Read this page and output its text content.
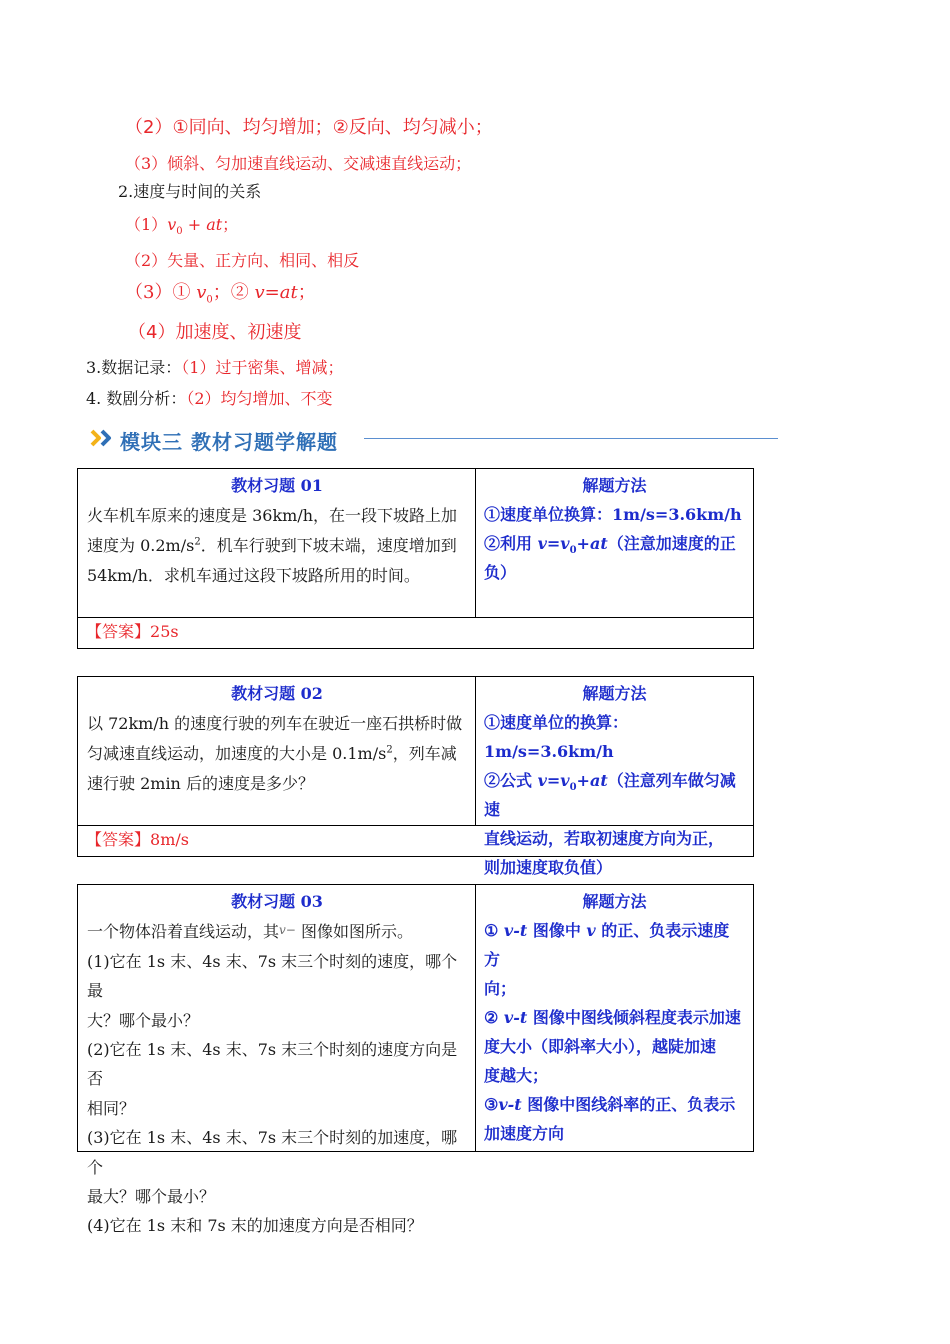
（2）①同向、均匀增加；②反向、均匀减小；
（3）倾斜、匀加速直线运动、交减速直线运动；
2.速度与时间的关系
$(1)v_0$ + at；
（2）矢量、正方向、相同、相反
（3）① $v_0$；② v=at；
（4）加速度、初速度
3.数据记录：（1）过于密集、增减；
4. 数剧分析：（2）均匀增加、不变
模块三 教材习题学解题
教材习题 01
火车机车原来的速度是 36km/h，在一段下坡路上加
速度为 $0.2m/s^2$．机车行驶到下坡末端，速度增加到
54km/h．求机车通过这段下坡路所用的时间。
解题方法
①速度单位换算：1m/s=3.6km/h
②利用 $v=v_0+at$（注意加速度的正
负）
【答案】25s
教材习题 02
以 72km/h 的速度行驶的列车在驶近一座石拱桥时做
匀减速直线运动，加速度的大小是 $0.1m/s^2$，列车减
速行驶 2min 后的速度是多少？
解题方法
①速度单位的换算：1m/s=3.6km/h
②公式 $v=v_0+at$（注意列车做匀减速
直线运动，若取初速度方向为正，
则加速度取负值）
【答案】8m/s
教材习题 03
一个物体沿着直线运动，其v− 图像如图所示。
(1)它在 1s 末、4s 末、7s 末三个时刻的速度，哪个最
大？哪个最小？
(2)它在 1s 末、4s 末、7s 末三个时刻的速度方向是否
相同？
(3)它在 1s 末、4s 末、7s 末三个时刻的加速度，哪个
最大？哪个最小？
(4)它在 1s 末和 7s 末的加速度方向是否相同？
解题方法
① v-t 图像中 v 的正、负表示速度方
向；
② v-t 图像中图线倾斜程度表示加速
度大小（即斜率大小），越陡加速
度越大；
③v-t 图像中图线斜率的正、负表示
加速度方向
